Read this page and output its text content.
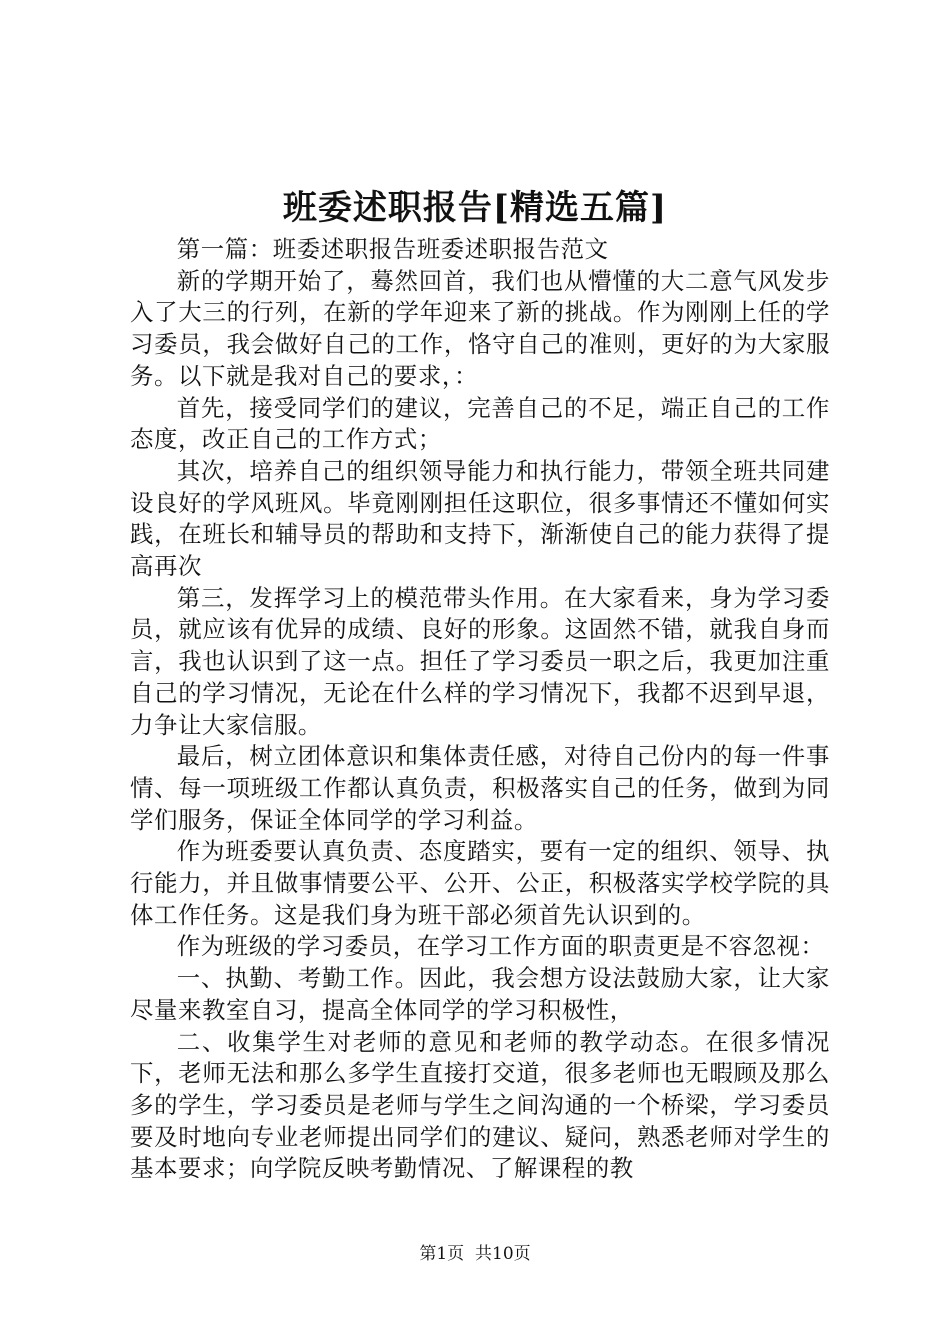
班委述职报告[精选五篇]

第一篇：班委述职报告班委述职报告范文

新的学期开始了，蓦然回首，我们也从懵懂的大二意气风发步入了大三的行列，在新的学年迎来了新的挑战。作为刚刚上任的学习委员，我会做好自己的工作，恪守自己的准则，更好的为大家服务。以下就是我对自己的要求，：

首先，接受同学们的建议，完善自己的不足，端正自己的工作态度，改正自己的工作方式；

其次，培养自己的组织领导能力和执行能力，带领全班共同建设良好的学风班风。毕竟刚刚担任这职位，很多事情还不懂如何实践，在班长和辅导员的帮助和支持下，渐渐使自己的能力获得了提高再次

第三，发挥学习上的模范带头作用。在大家看来，身为学习委员，就应该有优异的成绩、良好的形象。这固然不错，就我自身而言，我也认识到了这一点。担任了学习委员一职之后，我更加注重自己的学习情况，无论在什么样的学习情况下，我都不迟到早退，力争让大家信服。

最后，树立团体意识和集体责任感，对待自己份内的每一件事情、每一项班级工作都认真负责，积极落实自己的任务，做到为同学们服务，保证全体同学的学习利益。

作为班委要认真负责、态度踏实，要有一定的组织、领导、执行能力，并且做事情要公平、公开、公正，积极落实学校学院的具体工作任务。这是我们身为班干部必须首先认识到的。

作为班级的学习委员，在学习工作方面的职责更是不容忽视：

一、执勤、考勤工作。因此，我会想方设法鼓励大家，让大家尽量来教室自习，提高全体同学的学习积极性，

二、收集学生对老师的意见和老师的教学动态。在很多情况下，老师无法和那么多学生直接打交道，很多老师也无暇顾及那么多的学生，学习委员是老师与学生之间沟通的一个桥梁，学习委员要及时地向专业老师提出同学们的建议、疑问，熟悉老师对学生的基本要求；向学院反映考勤情况、了解课程的教

第1页 共10页
